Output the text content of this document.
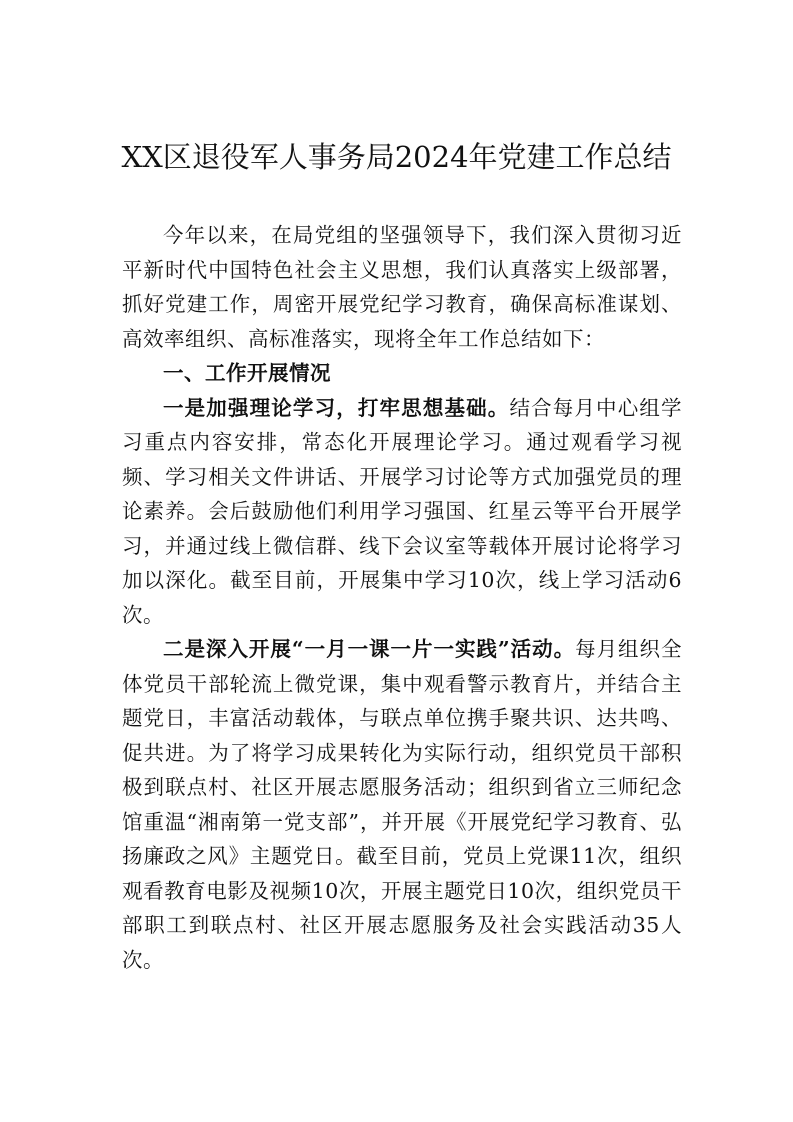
XX区退役军人事务局2024年党建工作总结

今年以来，在局党组的坚强领导下，我们深入贯彻习近平新时代中国特色社会主义思想，我们认真落实上级部署，抓好党建工作，周密开展党纪学习教育，确保高标准谋划、高效率组织、高标准落实，现将全年工作总结如下：

一、工作开展情况

一是加强理论学习，打牢思想基础。结合每月中心组学习重点内容安排，常态化开展理论学习。通过观看学习视频、学习相关文件讲话、开展学习讨论等方式加强党员的理论素养。会后鼓励他们利用学习强国、红星云等平台开展学习，并通过线上微信群、线下会议室等载体开展讨论将学习加以深化。截至目前，开展集中学习10次，线上学习活动6次。

二是深入开展“一月一课一片一实践”活动。每月组织全体党员干部轮流上微党课，集中观看警示教育片，并结合主题党日，丰富活动载体，与联点单位携手聚共识、达共鸣、促共进。为了将学习成果转化为实际行动，组织党员干部积极到联点村、社区开展志愿服务活动；组织到省立三师纪念馆重温“湘南第一党支部”，并开展《开展党纪学习教育、弘扬廉政之风》主题党日。截至目前，党员上党课11次，组织观看教育电影及视频10次，开展主题党日10次，组织党员干部职工到联点村、社区开展志愿服务及社会实践活动35人次。
